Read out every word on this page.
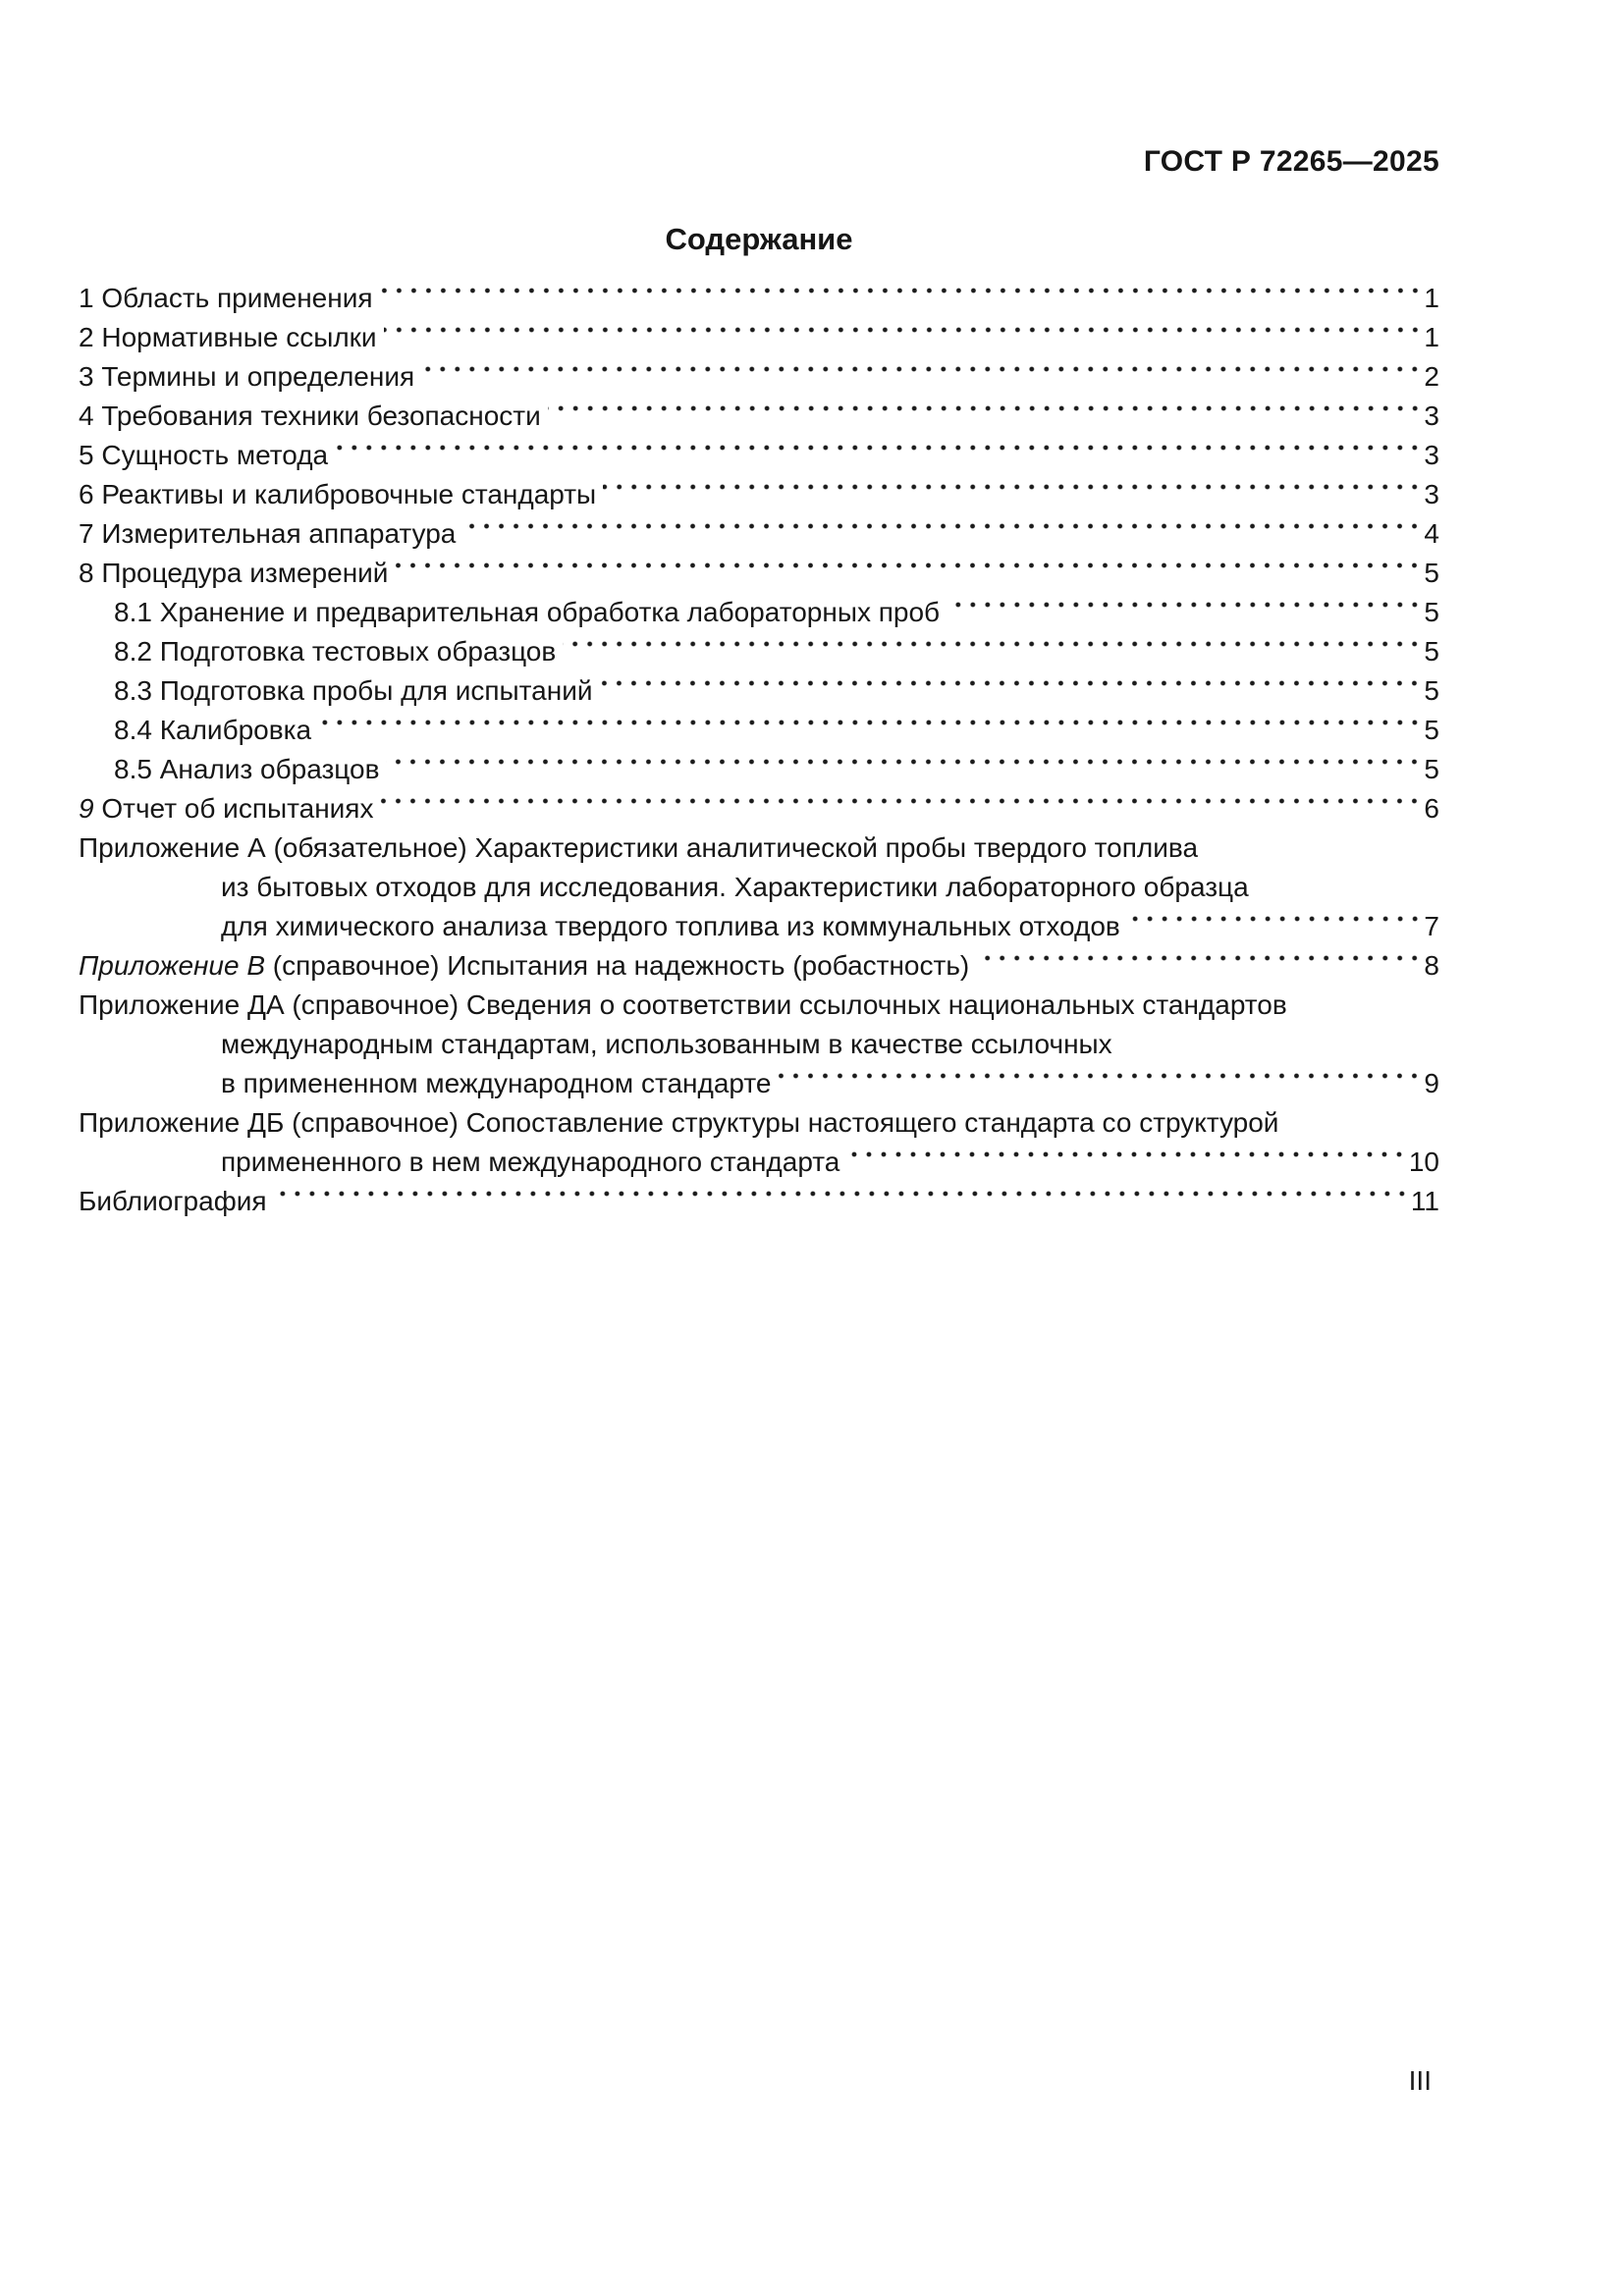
ГОСТ Р 72265—2025
Содержание
1 Область применения	1
2 Нормативные ссылки	1
3 Термины и определения	2
4 Требования техники безопасности	3
5 Сущность метода	3
6 Реактивы и калибровочные стандарты	3
7 Измерительная аппаратура	4
8 Процедура измерений	5
8.1 Хранение и предварительная обработка лабораторных проб	5
8.2 Подготовка тестовых образцов	5
8.3 Подготовка пробы для испытаний	5
8.4 Калибровка	5
8.5 Анализ образцов	5
9 Отчет об испытаниях	6
Приложение А (обязательное) Характеристики аналитической пробы твердого топлива
из бытовых отходов для исследования. Характеристики лабораторного образца
для химического анализа твердого топлива из коммунальных отходов	7
Приложение В (справочное) Испытания на надежность (робастность)	8
Приложение ДА (справочное) Сведения о соответствии ссылочных национальных стандартов
международным стандартам, использованным в качестве ссылочных
в примененном международном стандарте	9
Приложение ДБ (справочное) Сопоставление структуры настоящего стандарта со структурой
примененного в нем международного стандарта	10
Библиография	11
III
